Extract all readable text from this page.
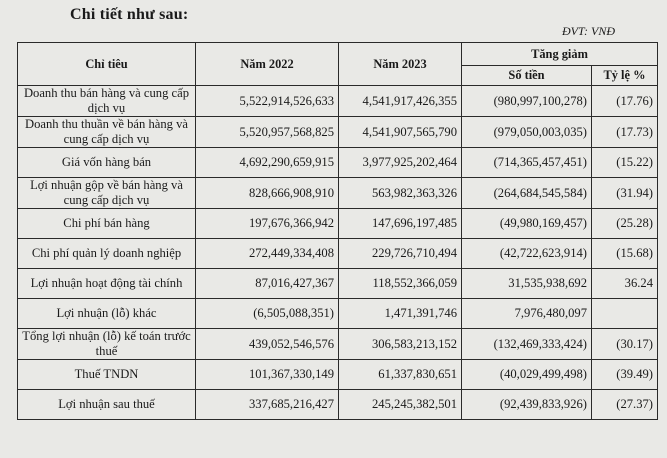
Chi tiết như sau:
ĐVT: VNĐ
Chỉ tiêu	Năm 2022	Năm 2023	Tăng giảm	
			Số tiền	Tỷ lệ %
Doanh thu bán hàng và cung cấp dịch vụ	5,522,914,526,633	4,541,917,426,355	(980,997,100,278)	(17.76)
Doanh thu thuần về bán hàng và cung cấp dịch vụ	5,520,957,568,825	4,541,907,565,790	(979,050,003,035)	(17.73)
Giá vốn hàng bán	4,692,290,659,915	3,977,925,202,464	(714,365,457,451)	(15.22)
Lợi nhuận gộp về bán hàng và cung cấp dịch vụ	828,666,908,910	563,982,363,326	(264,684,545,584)	(31.94)
Chi phí bán hàng	197,676,366,942	147,696,197,485	(49,980,169,457)	(25.28)
Chi phí quản lý doanh nghiệp	272,449,334,408	229,726,710,494	(42,722,623,914)	(15.68)
Lợi nhuận hoạt động tài chính	87,016,427,367	118,552,366,059	31,535,938,692	36.24
Lợi nhuận (lỗ) khác	(6,505,088,351)	1,471,391,746	7,976,480,097	
Tổng lợi nhuận (lỗ) kế toán trước thuế	439,052,546,576	306,583,213,152	(132,469,333,424)	(30.17)
Thuế TNDN	101,367,330,149	61,337,830,651	(40,029,499,498)	(39.49)
Lợi nhuận sau thuế	337,685,216,427	245,245,382,501	(92,439,833,926)	(27.37)
